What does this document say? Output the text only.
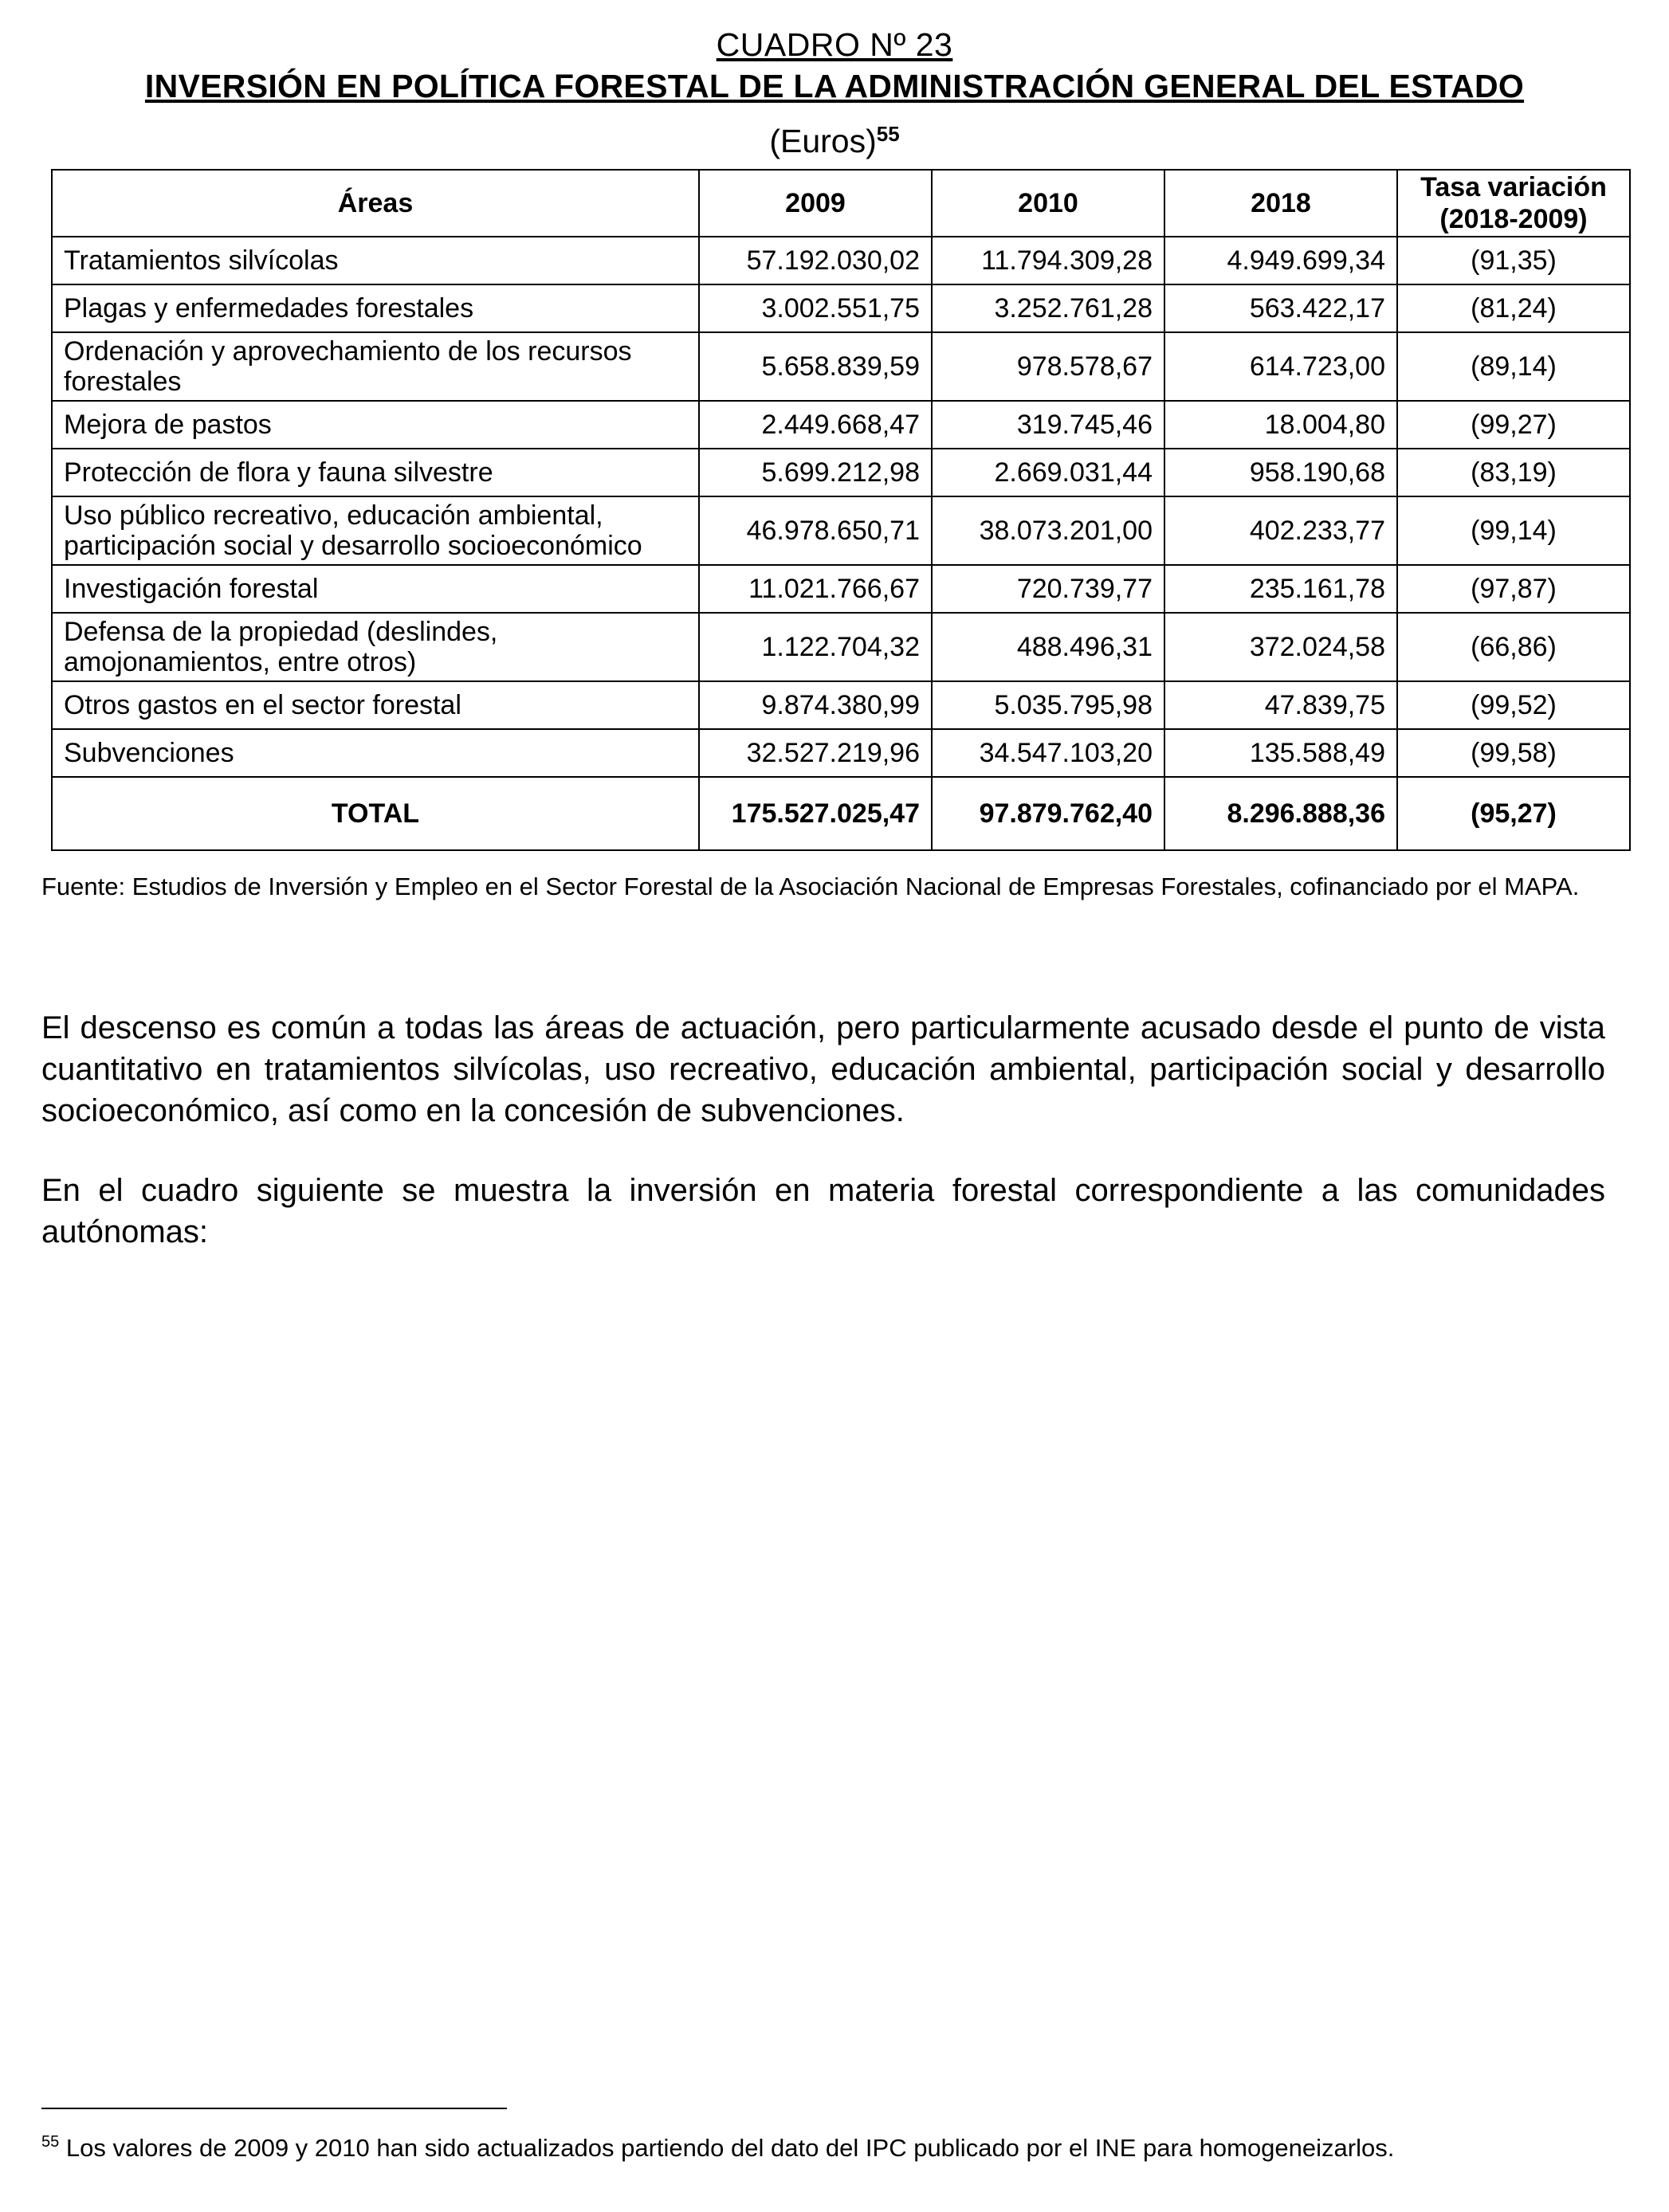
CUADRO Nº 23
INVERSIÓN EN POLÍTICA FORESTAL DE LA ADMINISTRACIÓN GENERAL DEL ESTADO
(Euros)$^{55}$
Áreas	2009	2010	2018	Tasa variación
(2018-2009)
Tratamientos silvícolas	57.192.030,02	11.794.309,28	4.949.699,34	(91,35)
Plagas y enfermedades forestales	3.002.551,75	3.252.761,28	563.422,17	(81,24)
Ordenación y aprovechamiento de los recursos
forestales	5.658.839,59	978.578,67	614.723,00	(89,14)
Mejora de pastos	2.449.668,47	319.745,46	18.004,80	(99,27)
Protección de flora y fauna silvestre	5.699.212,98	2.669.031,44	958.190,68	(83,19)
Uso público recreativo, educación ambiental,
participación social y desarrollo socioeconómico	46.978.650,71	38.073.201,00	402.233,77	(99,14)
Investigación forestal	11.021.766,67	720.739,77	235.161,78	(97,87)
Defensa de la propiedad (deslindes,
amojonamientos, entre otros)	1.122.704,32	488.496,31	372.024,58	(66,86)
Otros gastos en el sector forestal	9.874.380,99	5.035.795,98	47.839,75	(99,52)
Subvenciones	32.527.219,96	34.547.103,20	135.588,49	(99,58)
TOTAL	175.527.025,47	97.879.762,40	8.296.888,36	(95,27)
Fuente: Estudios de Inversión y Empleo en el Sector Forestal de la Asociación Nacional de Empresas Forestales, cofinanciado por el MAPA.

El descenso es común a todas las áreas de actuación, pero particularmente acusado desde el punto de vista cuantitativo en tratamientos silvícolas, uso recreativo, educación ambiental, participación social y desarrollo socioeconómico, así como en la concesión de subvenciones.

En el cuadro siguiente se muestra la inversión en materia forestal correspondiente a las comunidades autónomas:

$^{55}$ Los valores de 2009 y 2010 han sido actualizados partiendo del dato del IPC publicado por el INE para homogeneizarlos.
